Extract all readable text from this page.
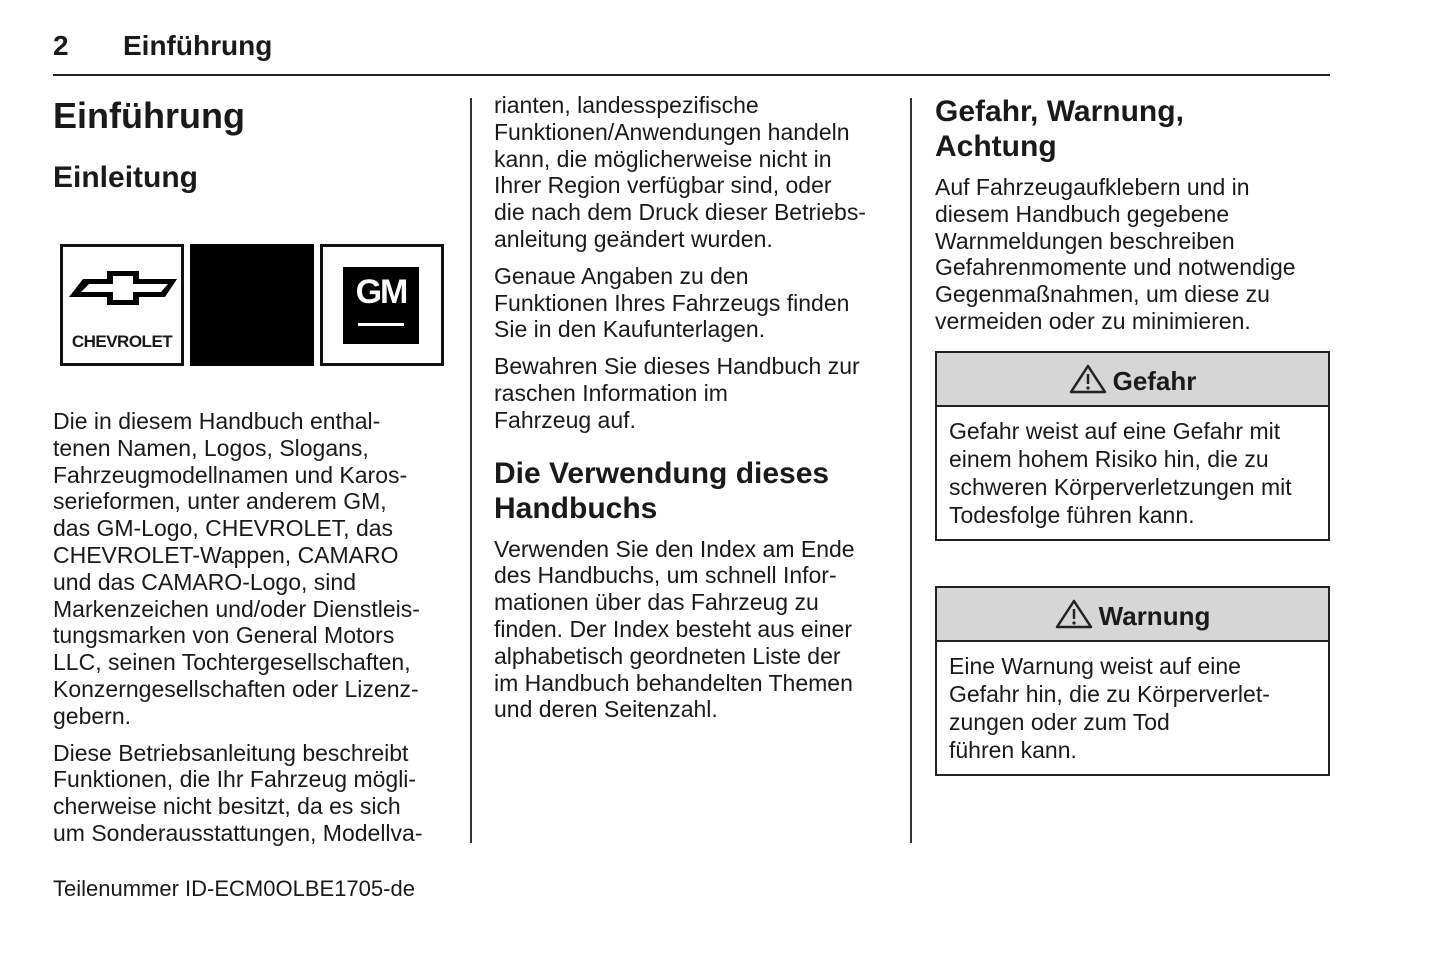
2 Einführung
Einführung
Einleitung
CHEVROLET
GM
Die in diesem Handbuch enthal-
tenen Namen, Logos, Slogans,
Fahrzeugmodellnamen und Karos-
serieformen, unter anderem GM,
das GM-Logo, CHEVROLET, das
CHEVROLET-Wappen, CAMARO
und das CAMARO-Logo, sind
Markenzeichen und/oder Dienstleis-
tungsmarken von General Motors
LLC, seinen Tochtergesellschaften,
Konzerngesellschaften oder Lizenz-
gebern.
Diese Betriebsanleitung beschreibt
Funktionen, die Ihr Fahrzeug mögli-
cherweise nicht besitzt, da es sich
um Sonderausstattungen, Modellva-
rianten, landesspezifische
Funktionen/Anwendungen handeln
kann, die möglicherweise nicht in
Ihrer Region verfügbar sind, oder
die nach dem Druck dieser Betriebs-
anleitung geändert wurden.
Genaue Angaben zu den
Funktionen Ihres Fahrzeugs finden
Sie in den Kaufunterlagen.
Bewahren Sie dieses Handbuch zur
raschen Information im
Fahrzeug auf.
Die Verwendung dieses
Handbuchs
Verwenden Sie den Index am Ende
des Handbuchs, um schnell Infor-
mationen über das Fahrzeug zu
finden. Der Index besteht aus einer
alphabetisch geordneten Liste der
im Handbuch behandelten Themen
und deren Seitenzahl.
Gefahr, Warnung,
Achtung
Auf Fahrzeugaufklebern und in
diesem Handbuch gegebene
Warnmeldungen beschreiben
Gefahrenmomente und notwendige
Gegenmaßnahmen, um diese zu
vermeiden oder zu minimieren.
Gefahr
Gefahr weist auf eine Gefahr mit
einem hohem Risiko hin, die zu
schweren Körperverletzungen mit
Todesfolge führen kann.
Warnung
Eine Warnung weist auf eine
Gefahr hin, die zu Körperverlet-
zungen oder zum Tod
führen kann.
Teilenummer ID-ECM0OLBE1705-de
